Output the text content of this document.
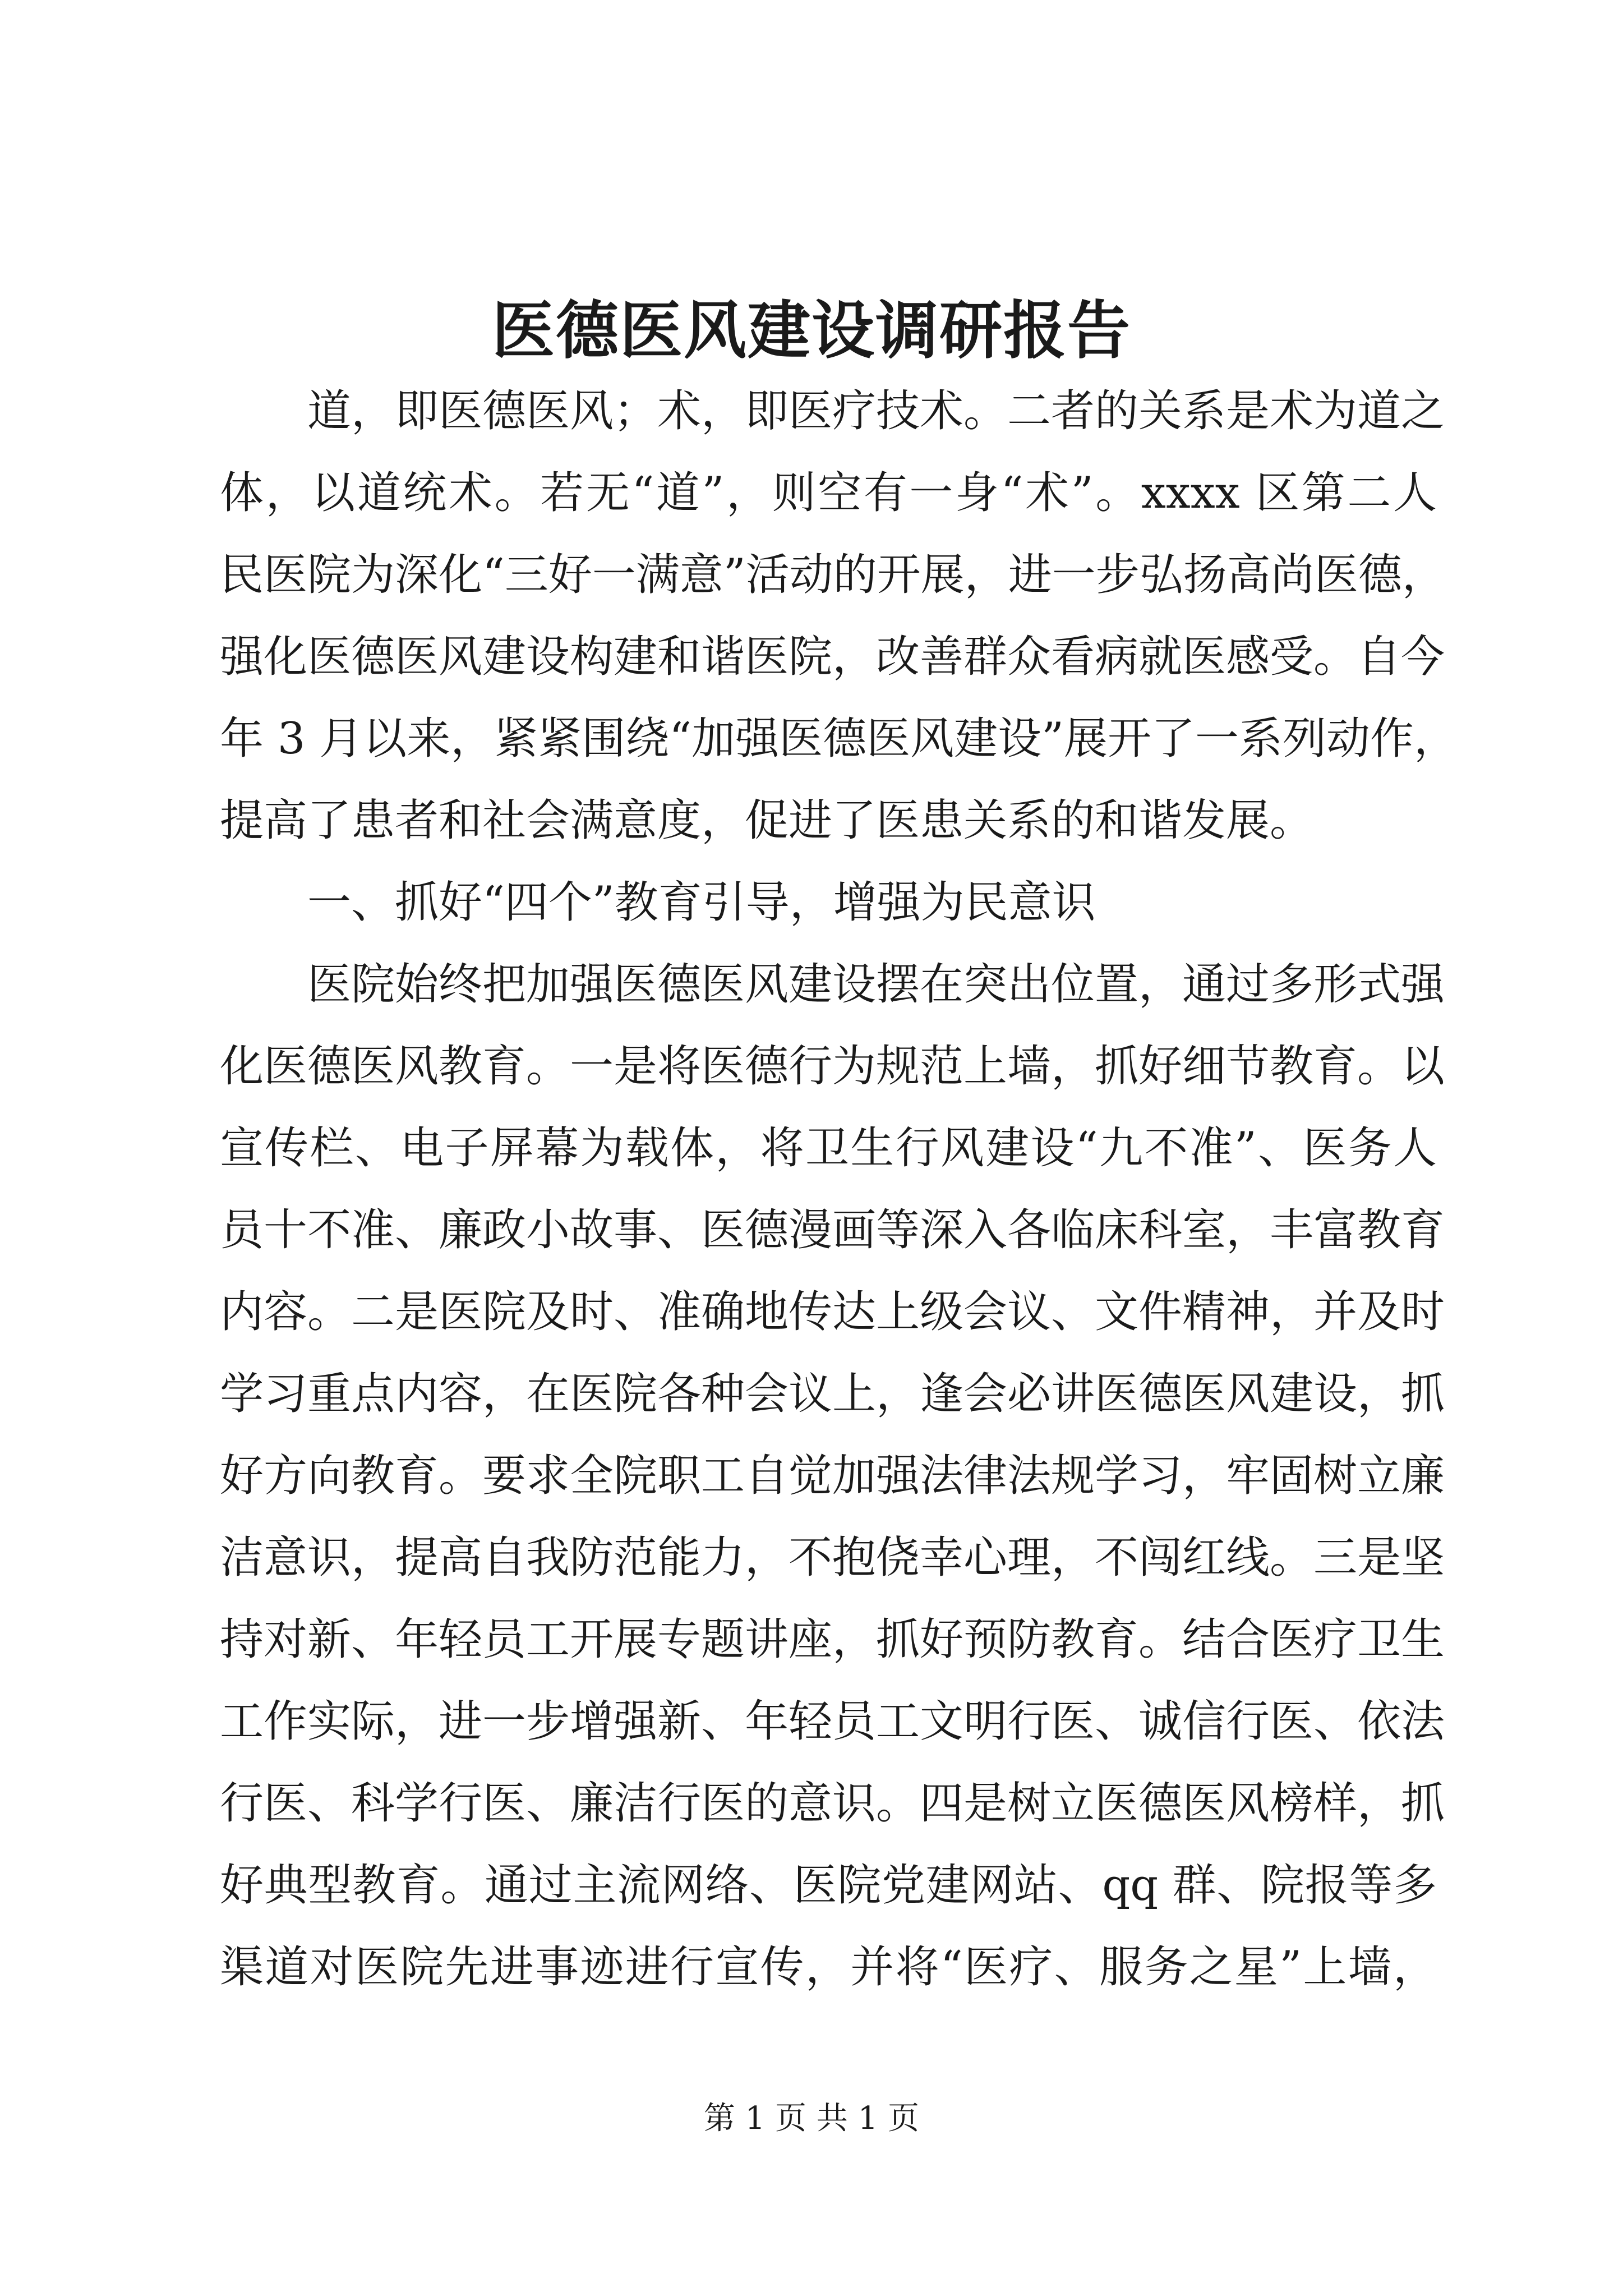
医德医风建设调研报告
道，即医德医风；术，即医疗技术。二者的关系是术为道之
体，以道统术。若无“道”，则空有一身“术”。xxxx 区第二人
民医院为深化“三好一满意”活动的开展，进一步弘扬高尚医德，
强化医德医风建设构建和谐医院，改善群众看病就医感受。自今
年 3 月以来，紧紧围绕“加强医德医风建设”展开了一系列动作，
提高了患者和社会满意度，促进了医患关系的和谐发展。
一、抓好“四个”教育引导，增强为民意识
医院始终把加强医德医风建设摆在突出位置，通过多形式强
化医德医风教育。一是将医德行为规范上墙，抓好细节教育。以
宣传栏、电子屏幕为载体，将卫生行风建设“九不准”、医务人
员十不准、廉政小故事、医德漫画等深入各临床科室，丰富教育
内容。二是医院及时、准确地传达上级会议、文件精神，并及时
学习重点内容，在医院各种会议上，逢会必讲医德医风建设，抓
好方向教育。要求全院职工自觉加强法律法规学习，牢固树立廉
洁意识，提高自我防范能力，不抱侥幸心理，不闯红线。三是坚
持对新、年轻员工开展专题讲座，抓好预防教育。结合医疗卫生
工作实际，进一步增强新、年轻员工文明行医、诚信行医、依法
行医、科学行医、廉洁行医的意识。四是树立医德医风榜样，抓
好典型教育。通过主流网络、医院党建网站、qq 群、院报等多
渠道对医院先进事迹进行宣传，并将“医疗、服务之星”上墙，
第 1 页 共 1 页
